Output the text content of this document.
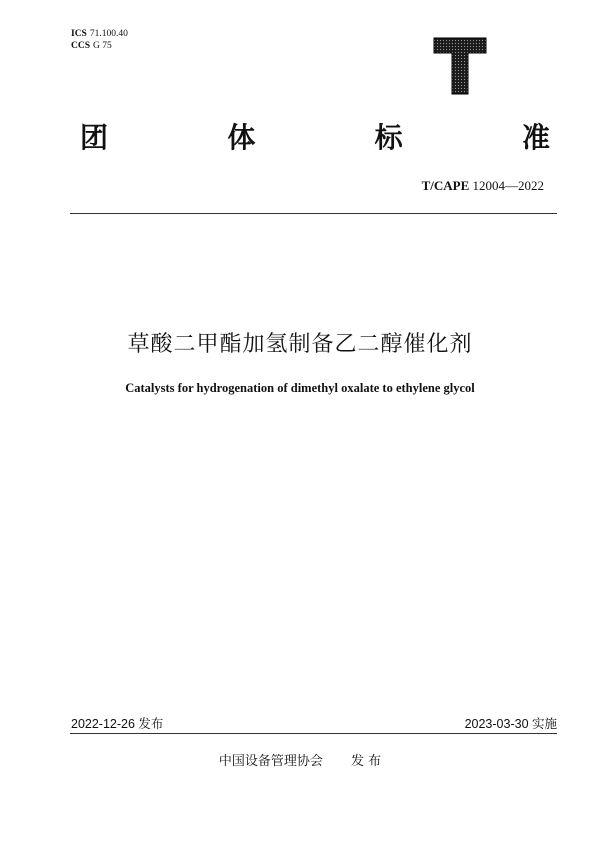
ICS 71.100.40
CCS G 75
T
团	体	标	准
T/CAPE 12004—2022
草酸二甲酯加氢制备乙二醇催化剂
Catalysts for hydrogenation of dimethyl oxalate to ethylene glycol
2022-12-26 发布	2023-03-30 实施
中国设备管理协会 发 布
